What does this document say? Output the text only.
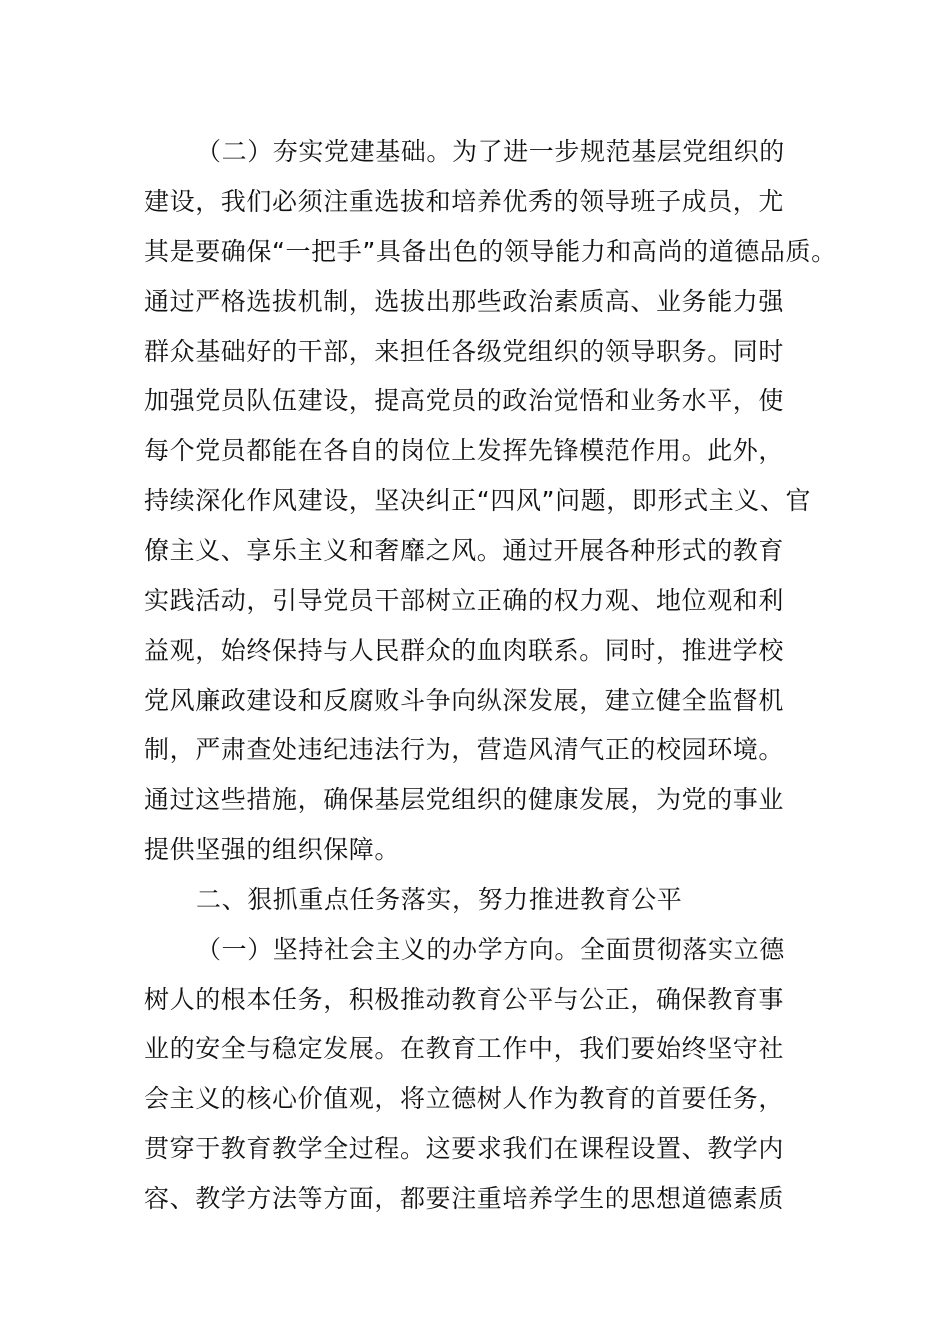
（二）夯实党建基础。为了进一步规范基层党组织的
建设，我们必须注重选拔和培养优秀的领导班子成员，尤
其是要确保“一把手”具备出色的领导能力和高尚的道德品质。
通过严格选拔机制，选拔出那些政治素质高、业务能力强
群众基础好的干部，来担任各级党组织的领导职务。同时
加强党员队伍建设，提高党员的政治觉悟和业务水平，使
每个党员都能在各自的岗位上发挥先锋模范作用。此外，
持续深化作风建设，坚决纠正“四风”问题，即形式主义、官
僚主义、享乐主义和奢靡之风。通过开展各种形式的教育
实践活动，引导党员干部树立正确的权力观、地位观和利
益观，始终保持与人民群众的血肉联系。同时，推进学校
党风廉政建设和反腐败斗争向纵深发展，建立健全监督机
制，严肃查处违纪违法行为，营造风清气正的校园环境。
通过这些措施，确保基层党组织的健康发展，为党的事业
提供坚强的组织保障。
二、狠抓重点任务落实，努力推进教育公平
（一）坚持社会主义的办学方向。全面贯彻落实立德
树人的根本任务，积极推动教育公平与公正，确保教育事
业的安全与稳定发展。在教育工作中，我们要始终坚守社
会主义的核心价值观，将立德树人作为教育的首要任务，
贯穿于教育教学全过程。这要求我们在课程设置、教学内
容、教学方法等方面，都要注重培养学生的思想道德素质
